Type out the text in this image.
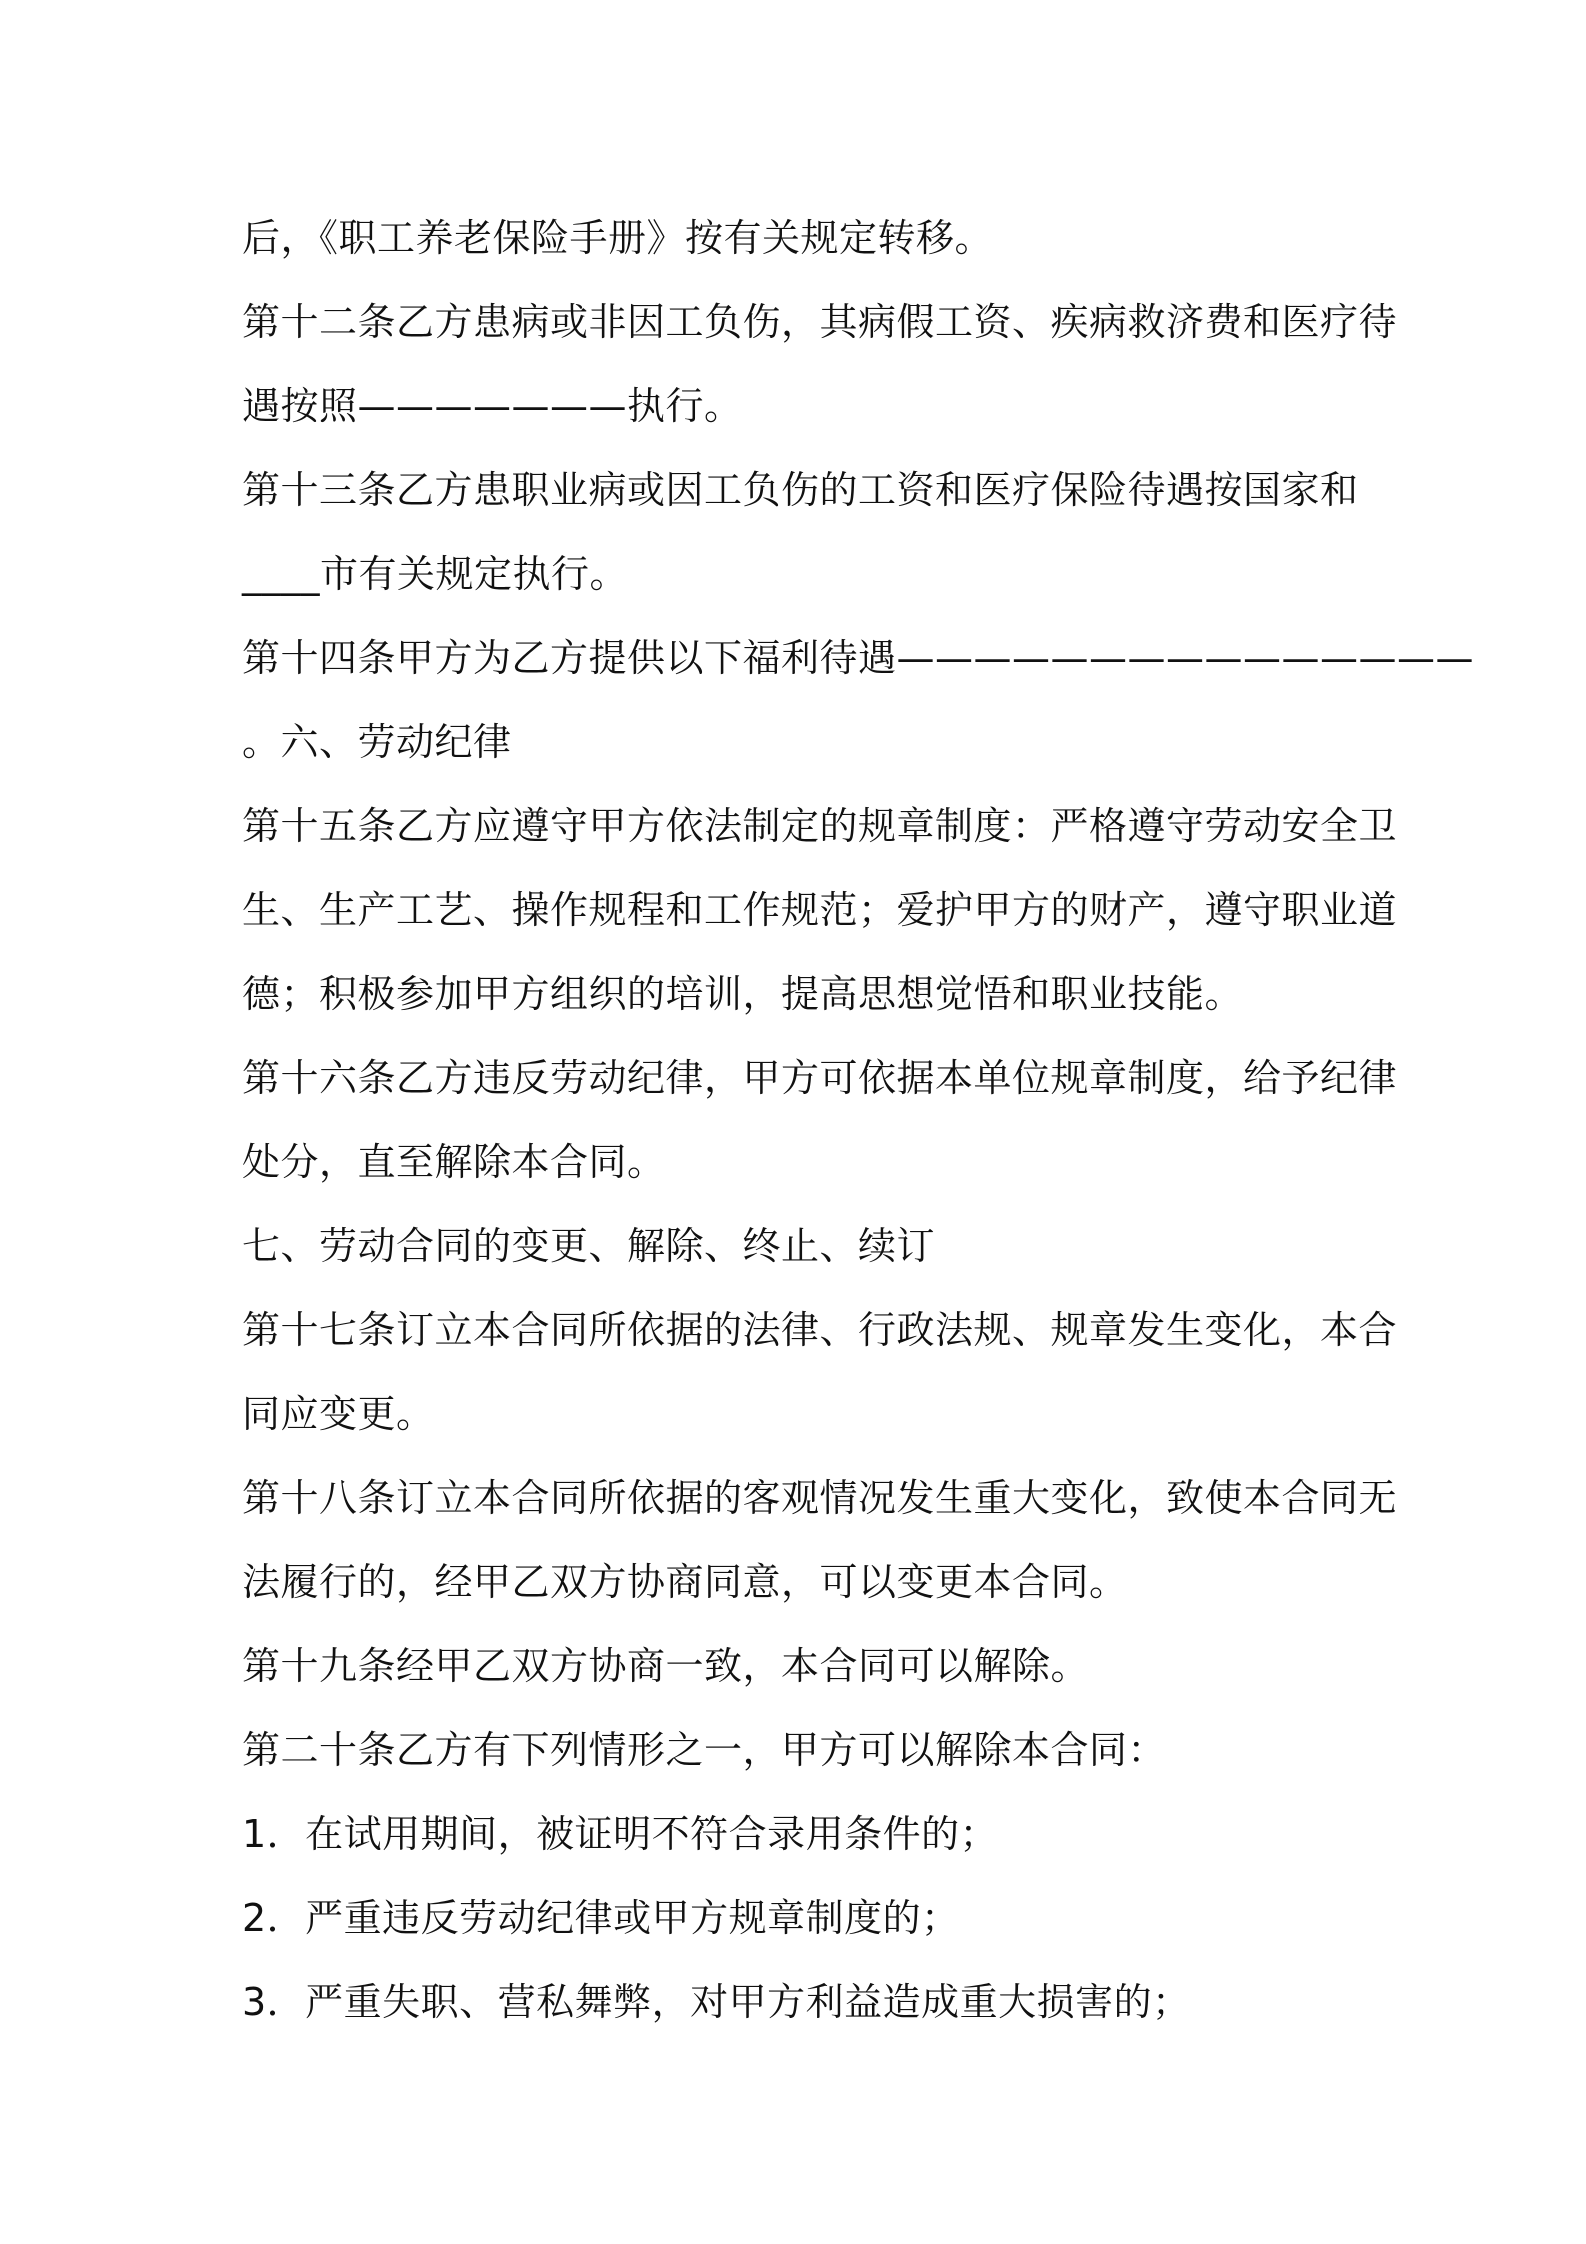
后，《职工养老保险手册》按有关规定转移。
第十二条乙方患病或非因工负伤，其病假工资、疾病救济费和医疗待
遇按照———————执行。
第十三条乙方患职业病或因工负伤的工资和医疗保险待遇按国家和
____市有关规定执行。
第十四条甲方为乙方提供以下福利待遇———————————————
。六、劳动纪律
第十五条乙方应遵守甲方依法制定的规章制度：严格遵守劳动安全卫
生、生产工艺、操作规程和工作规范；爱护甲方的财产，遵守职业道
德；积极参加甲方组织的培训，提高思想觉悟和职业技能。
第十六条乙方违反劳动纪律，甲方可依据本单位规章制度，给予纪律
处分，直至解除本合同。
七、劳动合同的变更、解除、终止、续订
第十七条订立本合同所依据的法律、行政法规、规章发生变化，本合
同应变更。
第十八条订立本合同所依据的客观情况发生重大变化，致使本合同无
法履行的，经甲乙双方协商同意，可以变更本合同。
第十九条经甲乙双方协商一致，本合同可以解除。
第二十条乙方有下列情形之一，甲方可以解除本合同：
1．在试用期间，被证明不符合录用条件的；
2．严重违反劳动纪律或甲方规章制度的；
3．严重失职、营私舞弊，对甲方利益造成重大损害的；
